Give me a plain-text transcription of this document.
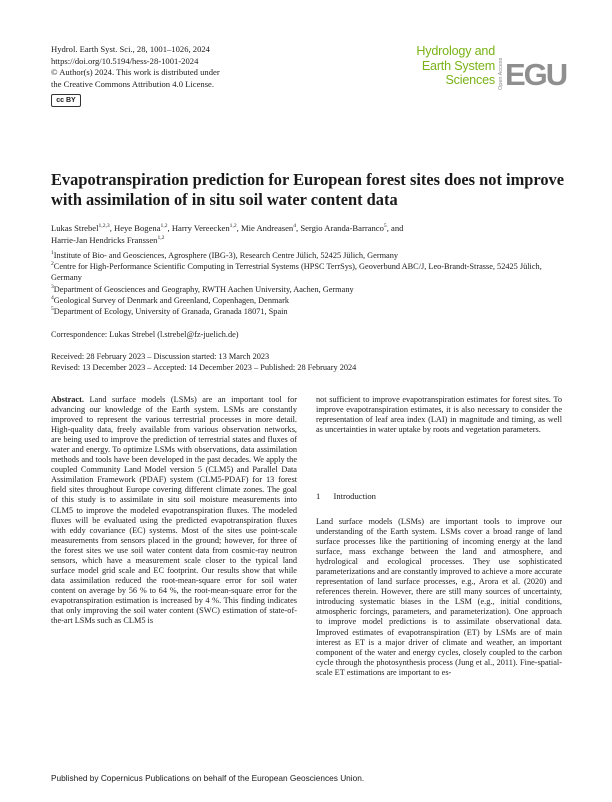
Hydrol. Earth Syst. Sci., 28, 1001–1026, 2024
https://doi.org/10.5194/hess-28-1001-2024
© Author(s) 2024. This work is distributed under
the Creative Commons Attribution 4.0 License.
cc BY
Hydrology and
Earth System
Sciences Open Access EGU
Evapotranspiration prediction for European forest sites does not improve with assimilation of in situ soil water content data
Lukas Strebel$^{1,2,3}$, Heye Bogena$^{1,2}$, Harry Vereecken$^{1,2}$, Mie Andreasen$^4$, Sergio Aranda-Barranco$^5$, and
Harrie-Jan Hendricks Franssen$^{1,2}$

$^1$Institute of Bio- and Geosciences, Agrosphere (IBG-3), Research Centre Jülich, 52425 Jülich, Germany

$^2$Centre for High-Performance Scientific Computing in Terrestrial Systems (HPSC TerrSys), Geoverbund ABC/J, Leo-Brandt-Strasse, 52425 Jülich, Germany

$^3$Department of Geosciences and Geography, RWTH Aachen University, Aachen, Germany

$^4$Geological Survey of Denmark and Greenland, Copenhagen, Denmark

$^5$Department of Ecology, University of Granada, Granada 18071, Spain

Correspondence: Lukas Strebel (l.strebel@fz-juelich.de)
Received: 28 February 2023 – Discussion started: 13 March 2023
Revised: 13 December 2023 – Accepted: 14 December 2023 – Published: 28 February 2024
Abstract. Land surface models (LSMs) are an important tool for advancing our knowledge of the Earth system. LSMs are constantly improved to represent the various terrestrial processes in more detail. High-quality data, freely available from various observation networks, are being used to improve the prediction of terrestrial states and fluxes of water and energy. To optimize LSMs with observations, data assimilation methods and tools have been developed in the past decades. We apply the coupled Community Land Model version 5 (CLM5) and Parallel Data Assimilation Framework (PDAF) system (CLM5-PDAF) for 13 forest field sites throughout Europe covering different climate zones. The goal of this study is to assimilate in situ soil moisture measurements into CLM5 to improve the modeled evapotranspiration fluxes. The modeled fluxes will be evaluated using the predicted evapotranspiration fluxes with eddy covariance (EC) systems. Most of the sites use point-scale measurements from sensors placed in the ground; however, for three of the forest sites we use soil water content data from cosmic-ray neutron sensors, which have a measurement scale closer to the typical land surface model grid scale and EC footprint. Our results show that while data assimilation reduced the root-mean-square error for soil water content on average by 56 % to 64 %, the root-mean-square error for the evapotranspiration estimation is increased by 4 %. This finding indicates that only improving the soil water content (SWC) estimation of state-of-the-art LSMs such as CLM5 is
not sufficient to improve evapotranspiration estimates for forest sites. To improve evapotranspiration estimates, it is also necessary to consider the representation of leaf area index (LAI) in magnitude and timing, as well as uncertainties in water uptake by roots and vegetation parameters.
1 Introduction
Land surface models (LSMs) are important tools to improve our understanding of the Earth system. LSMs cover a broad range of land surface processes like the partitioning of incoming energy at the land surface, mass exchange between the land and atmosphere, and hydrological and ecological processes. They use sophisticated parameterizations and are constantly improved to achieve a more accurate representation of land surface processes, e.g., Arora et al. (2020) and references therein. However, there are still many sources of uncertainty, introducing systematic biases in the LSM (e.g., initial conditions, atmospheric forcings, parameters, and parameterization). One approach to improve model predictions is to assimilate observational data. Improved estimates of evapotranspiration (ET) by LSMs are of main interest as ET is a major driver of climate and weather, an important component of the water and energy cycles, closely coupled to the carbon cycle through the photosynthesis process (Jung et al., 2011). Fine-spatial-scale ET estimations are important to es-
Published by Copernicus Publications on behalf of the European Geosciences Union.
